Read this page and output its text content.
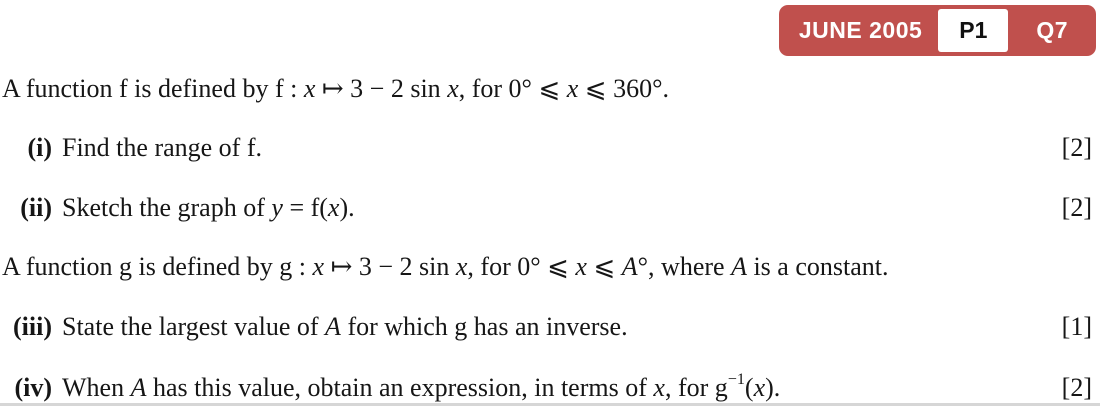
JUNE 2005	P1	Q7
A function f is defined by f : x ↦ 3 − 2 sin x, for 0° ⩽ x ⩽ 360°.
(i) Find the range of f.	[2]
(ii) Sketch the graph of y = f(x).	[2]
A function g is defined by g : x ↦ 3 − 2 sin x, for 0° ⩽ x ⩽ A°, where A is a constant.
(iii) State the largest value of A for which g has an inverse.	[1]
(iv) When A has this value, obtain an expression, in terms of x, for $g^{-1}(x)$.	[2]
